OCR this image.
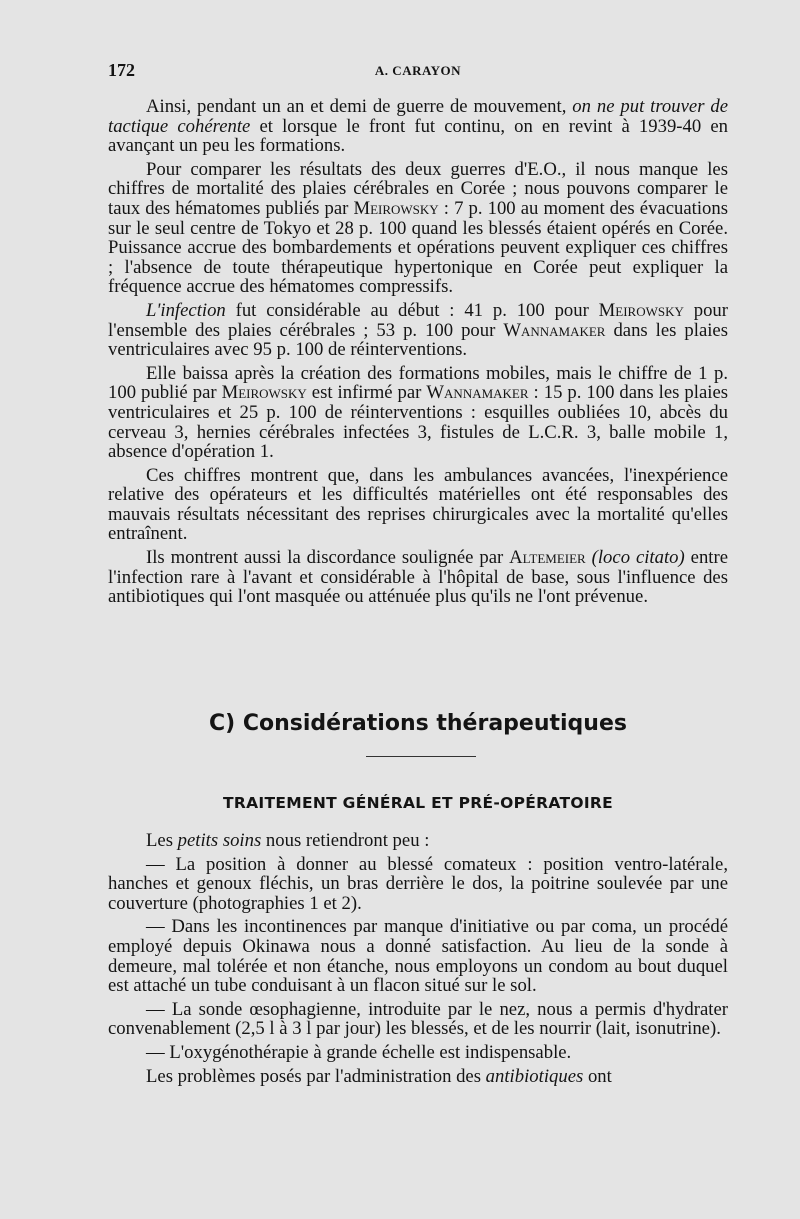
172	A. CARAYON

Ainsi, pendant un an et demi de guerre de mouvement, on ne put trouver de tactique cohérente et lorsque le front fut continu, on en revint à 1939-40 en avançant un peu les formations.

Pour comparer les résultats des deux guerres d'E.O., il nous manque les chiffres de mortalité des plaies cérébrales en Corée ; nous pouvons comparer le taux des hématomes publiés par Meirowsky : 7 p. 100 au moment des évacuations sur le seul centre de Tokyo et 28 p. 100 quand les blessés étaient opérés en Corée. Puissance accrue des bombardements et opérations peuvent expliquer ces chiffres ; l'absence de toute thérapeutique hypertonique en Corée peut expliquer la fréquence accrue des hématomes compressifs.

L'infection fut considérable au début : 41 p. 100 pour Meirowsky pour l'ensemble des plaies cérébrales ; 53 p. 100 pour Wannamaker dans les plaies ventriculaires avec 95 p. 100 de réinterventions.

Elle baissa après la création des formations mobiles, mais le chiffre de 1 p. 100 publié par Meirowsky est infirmé par Wannamaker : 15 p. 100 dans les plaies ventriculaires et 25 p. 100 de réinterventions : esquilles oubliées 10, abcès du cerveau 3, hernies cérébrales infectées 3, fistules de L.C.R. 3, balle mobile 1, absence d'opération 1.

Ces chiffres montrent que, dans les ambulances avancées, l'inexpérience relative des opérateurs et les difficultés matérielles ont été responsables des mauvais résultats nécessitant des reprises chirurgicales avec la mortalité qu'elles entraînent.

Ils montrent aussi la discordance soulignée par Altemeier (loco citato) entre l'infection rare à l'avant et considérable à l'hôpital de base, sous l'influence des antibiotiques qui l'ont masquée ou atténuée plus qu'ils ne l'ont prévenue.

C) Considérations thérapeutiques
TRAITEMENT GÉNÉRAL ET PRÉ-OPÉRATOIRE

Les petits soins nous retiendront peu :

— La position à donner au blessé comateux : position ventro-latérale, hanches et genoux fléchis, un bras derrière le dos, la poitrine soulevée par une couverture (photographies 1 et 2).

— Dans les incontinences par manque d'initiative ou par coma, un procédé employé depuis Okinawa nous a donné satisfaction. Au lieu de la sonde à demeure, mal tolérée et non étanche, nous employons un condom au bout duquel est attaché un tube conduisant à un flacon situé sur le sol.

— La sonde œsophagienne, introduite par le nez, nous a permis d'hydrater convenablement (2,5 l à 3 l par jour) les blessés, et de les nourrir (lait, isonutrine).

— L'oxygénothérapie à grande échelle est indispensable.

Les problèmes posés par l'administration des antibiotiques ont
